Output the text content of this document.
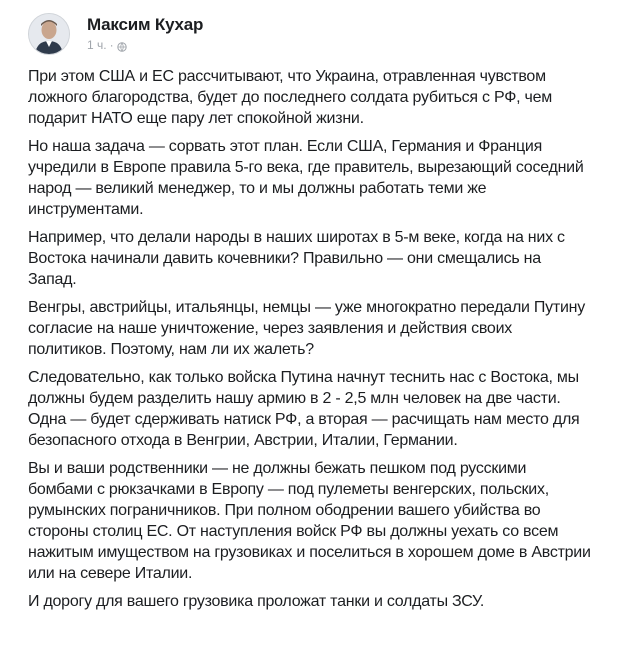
Максим Кухар
1 ч. ·

При этом США и ЕС рассчитывают, что Украина, отравленная чувством ложного благородства, будет до последнего солдата рубиться с РФ, чем подарит НАТО еще пару лет спокойной жизни.

Но наша задача — сорвать этот план. Если США, Германия и Франция учредили в Европе правила 5-го века, где правитель, вырезающий соседний народ — великий менеджер, то и мы должны работать теми же инструментами.

Например, что делали народы в наших широтах в 5-м веке, когда на них с Востока начинали давить кочевники? Правильно — они смещались на Запад.

Венгры, австрийцы, итальянцы, немцы — уже многократно передали Путину согласие на наше уничтожение, через заявления и действия своих политиков. Поэтому, нам ли их жалеть?

Следовательно, как только войска Путина начнут теснить нас с Востока, мы должны будем разделить нашу армию в 2 - 2,5 млн человек на две части. Одна — будет сдерживать натиск РФ, а вторая — расчищать нам место для безопасного отхода в Венгрии, Австрии, Италии, Германии.

Вы и ваши родственники — не должны бежать пешком под русскими бомбами с рюкзачками в Европу — под пулеметы венгерских, польских, румынских пограничников. При полном ободрении вашего убийства во стороны столиц ЕС. От наступления войск РФ вы должны уехать со всем нажитым имуществом на грузовиках и поселиться в хорошем доме в Австрии или на севере Италии.

И дорогу для вашего грузовика проложат танки и солдаты ЗСУ.
